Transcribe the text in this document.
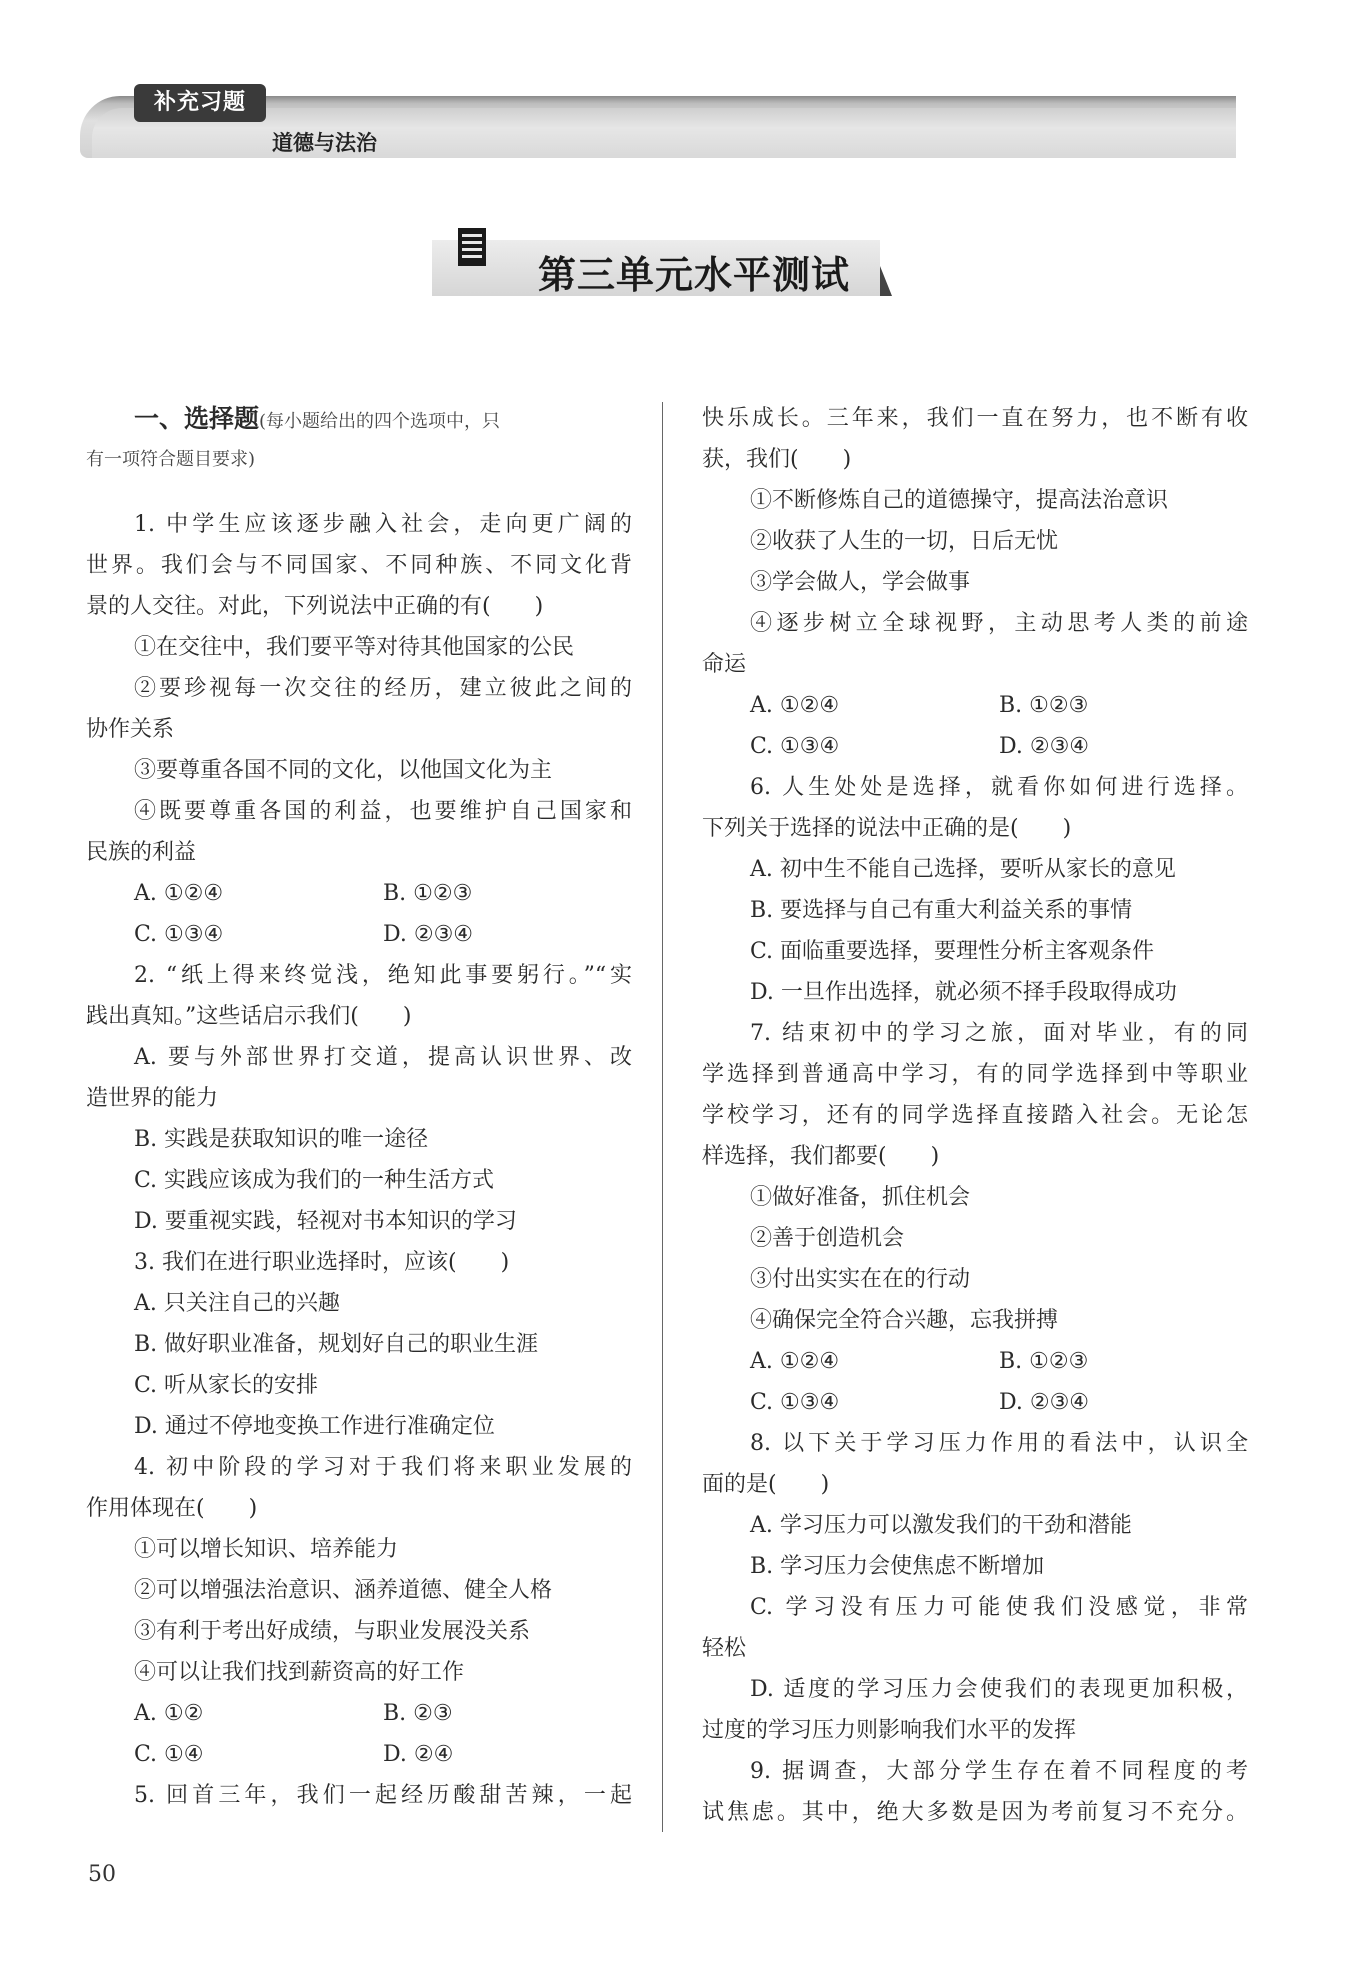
补充习题
道德与法治
第三单元水平测试
一、选择题(每小题给出的四个选项中，只
有一项符合题目要求)
1. 中学生应该逐步融入社会，走向更广阔的
世界。我们会与不同国家、不同种族、不同文化背
景的人交往。对此，下列说法中正确的有(　　)
①在交往中，我们要平等对待其他国家的公民
②要珍视每一次交往的经历，建立彼此之间的
协作关系
③要尊重各国不同的文化，以他国文化为主
④既要尊重各国的利益，也要维护自己国家和
民族的利益
A. ①②④	B. ①②③
C. ①③④	D. ②③④
2. “纸上得来终觉浅，绝知此事要躬行。”“实
践出真知。”这些话启示我们(　　)
A. 要与外部世界打交道，提高认识世界、改
造世界的能力
B. 实践是获取知识的唯一途径
C. 实践应该成为我们的一种生活方式
D. 要重视实践，轻视对书本知识的学习
3. 我们在进行职业选择时，应该(　　)
A. 只关注自己的兴趣
B. 做好职业准备，规划好自己的职业生涯
C. 听从家长的安排
D. 通过不停地变换工作进行准确定位
4. 初中阶段的学习对于我们将来职业发展的
作用体现在(　　)
①可以增长知识、培养能力
②可以增强法治意识、涵养道德、健全人格
③有利于考出好成绩，与职业发展没关系
④可以让我们找到薪资高的好工作
A. ①②	B. ②③
C. ①④	D. ②④
5. 回首三年，我们一起经历酸甜苦辣，一起
快乐成长。三年来，我们一直在努力，也不断有收
获，我们(　　)
①不断修炼自己的道德操守，提高法治意识
②收获了人生的一切，日后无忧
③学会做人，学会做事
④逐步树立全球视野，主动思考人类的前途
命运
A. ①②④	B. ①②③
C. ①③④	D. ②③④
6. 人生处处是选择，就看你如何进行选择。
下列关于选择的说法中正确的是(　　)
A. 初中生不能自己选择，要听从家长的意见
B. 要选择与自己有重大利益关系的事情
C. 面临重要选择，要理性分析主客观条件
D. 一旦作出选择，就必须不择手段取得成功
7. 结束初中的学习之旅，面对毕业，有的同
学选择到普通高中学习，有的同学选择到中等职业
学校学习，还有的同学选择直接踏入社会。无论怎
样选择，我们都要(　　)
①做好准备，抓住机会
②善于创造机会
③付出实实在在的行动
④确保完全符合兴趣，忘我拼搏
A. ①②④	B. ①②③
C. ①③④	D. ②③④
8. 以下关于学习压力作用的看法中，认识全
面的是(　　)
A. 学习压力可以激发我们的干劲和潜能
B. 学习压力会使焦虑不断增加
C. 学习没有压力可能使我们没感觉，非常
轻松
D. 适度的学习压力会使我们的表现更加积极，
过度的学习压力则影响我们水平的发挥
9. 据调查，大部分学生存在着不同程度的考
试焦虑。其中，绝大多数是因为考前复习不充分。
50
